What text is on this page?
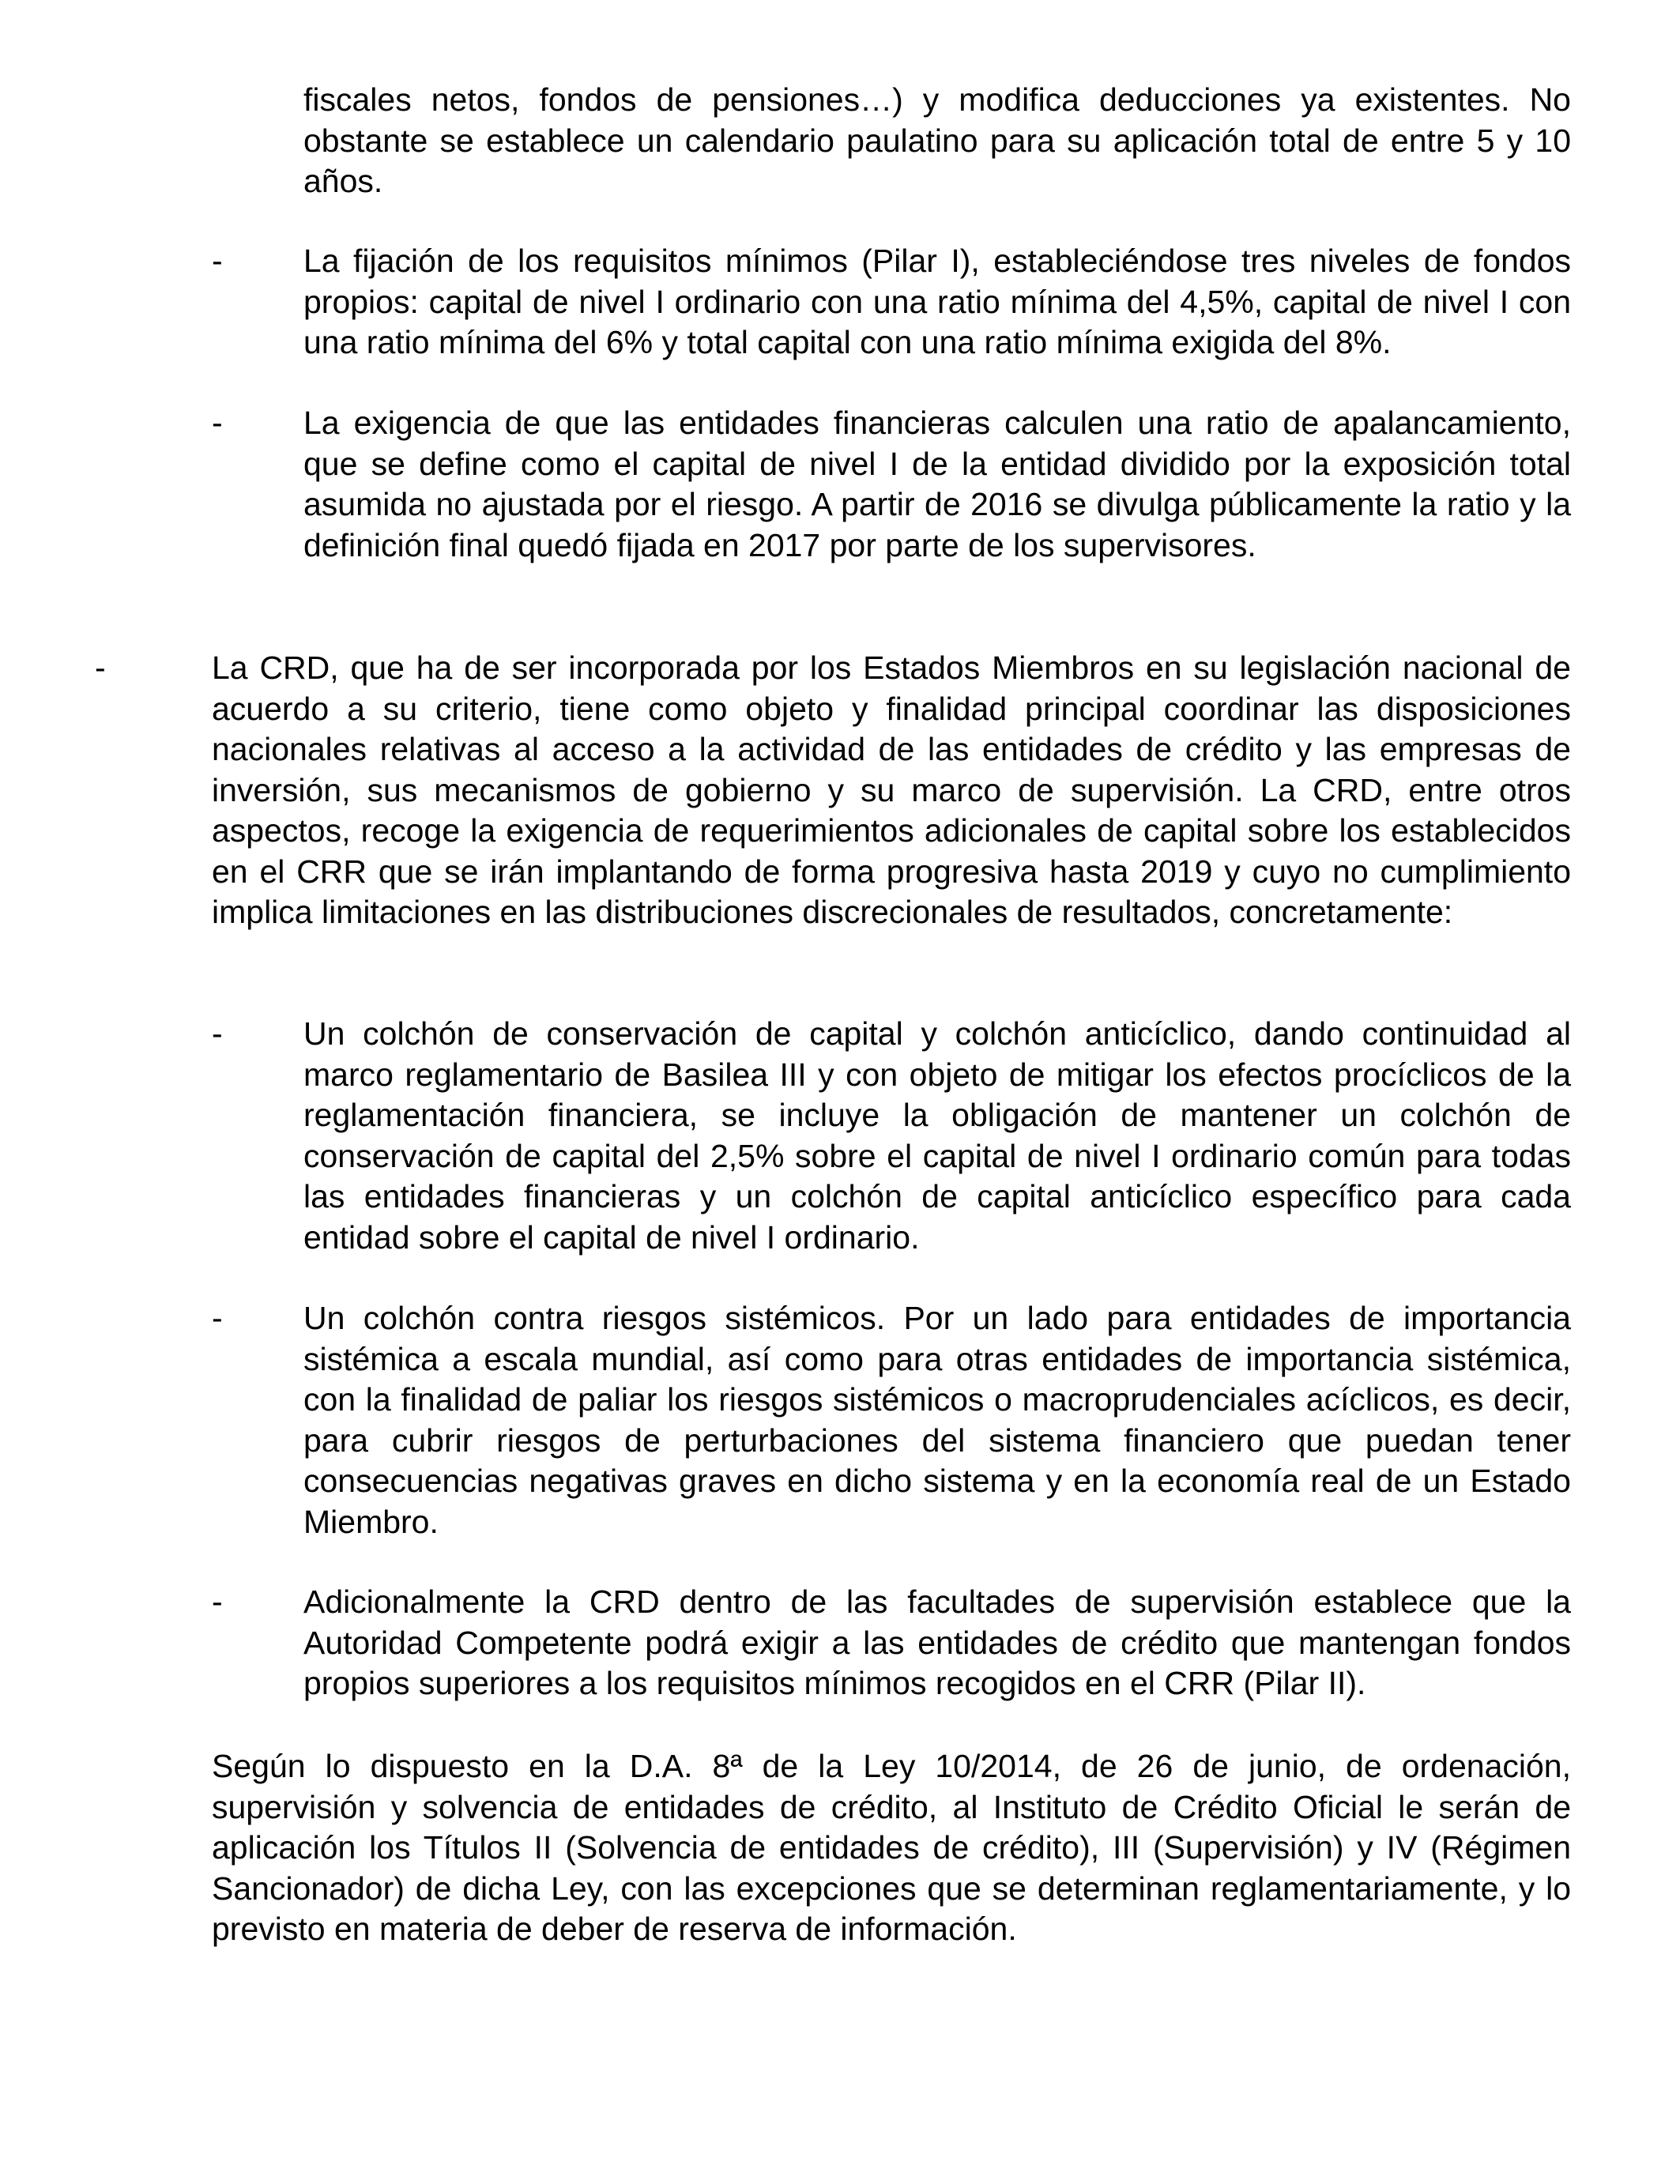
fiscales netos, fondos de pensiones…) y modifica deducciones ya existentes. No obstante se establece un calendario paulatino para su aplicación total de entre 5 y 10 años.

- La fijación de los requisitos mínimos (Pilar I), estableciéndose tres niveles de fondos propios: capital de nivel I ordinario con una ratio mínima del 4,5%, capital de nivel I con una ratio mínima del 6% y total capital con una ratio mínima exigida del 8%.

- La exigencia de que las entidades financieras calculen una ratio de apalancamiento, que se define como el capital de nivel I de la entidad dividido por la exposición total asumida no ajustada por el riesgo. A partir de 2016 se divulga públicamente la ratio y la definición final quedó fijada en 2017 por parte de los supervisores.

-	La CRD, que ha de ser incorporada por los Estados Miembros en su legislación nacional de acuerdo a su criterio, tiene como objeto y finalidad principal coordinar las disposiciones nacionales relativas al acceso a la actividad de las entidades de crédito y las empresas de inversión, sus mecanismos de gobierno y su marco de supervisión. La CRD, entre otros aspectos, recoge la exigencia de requerimientos adicionales de capital sobre los establecidos en el CRR que se irán implantando de forma progresiva hasta 2019 y cuyo no cumplimiento implica limitaciones en las distribuciones discrecionales de resultados, concretamente:

- Un colchón de conservación de capital y colchón anticíclico, dando continuidad al marco reglamentario de Basilea III y con objeto de mitigar los efectos procíclicos de la reglamentación financiera, se incluye la obligación de mantener un colchón de conservación de capital del 2,5% sobre el capital de nivel I ordinario común para todas las entidades financieras y un colchón de capital anticíclico específico para cada entidad sobre el capital de nivel I ordinario.

- Un colchón contra riesgos sistémicos. Por un lado para entidades de importancia sistémica a escala mundial, así como para otras entidades de importancia sistémica, con la finalidad de paliar los riesgos sistémicos o macroprudenciales acíclicos, es decir, para cubrir riesgos de perturbaciones del sistema financiero que puedan tener consecuencias negativas graves en dicho sistema y en la economía real de un Estado Miembro.

- Adicionalmente la CRD dentro de las facultades de supervisión establece que la Autoridad Competente podrá exigir a las entidades de crédito que mantengan fondos propios superiores a los requisitos mínimos recogidos en el CRR (Pilar II).

Según lo dispuesto en la D.A. 8ª de la Ley 10/2014, de 26 de junio, de ordenación, supervisión y solvencia de entidades de crédito, al Instituto de Crédito Oficial le serán de aplicación los Títulos II (Solvencia de entidades de crédito), III (Supervisión) y IV (Régimen Sancionador) de dicha Ley, con las excepciones que se determinan reglamentariamente, y lo previsto en materia de deber de reserva de información.
